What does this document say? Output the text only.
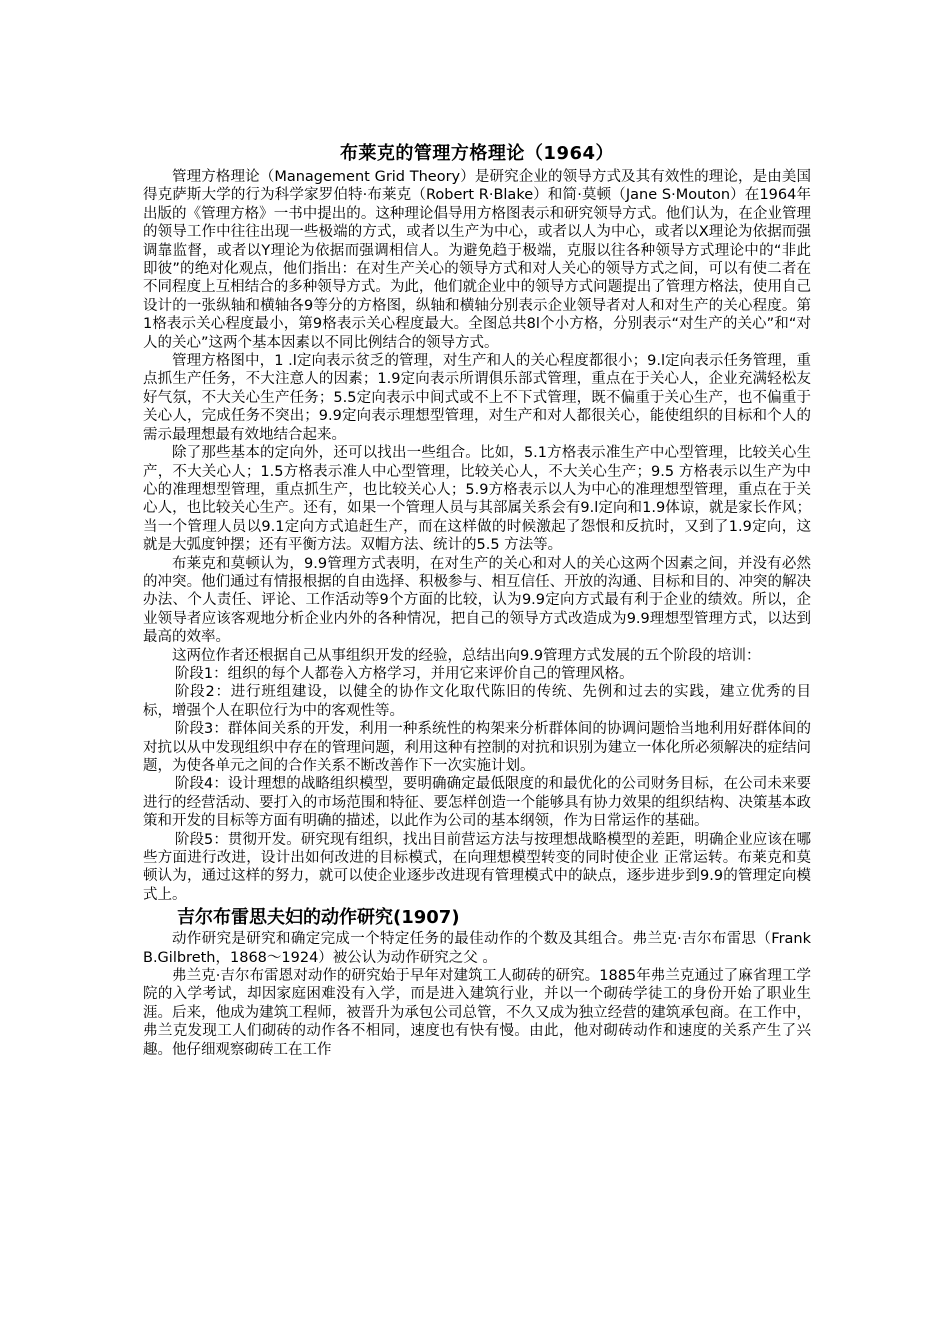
布莱克的管理方格理论（1964）

管理方格理论（Management Grid Theory）是研究企业的领导方式及其有效性的理论，是由美国得克萨斯大学的行为科学家罗伯特·布莱克（Robert R·Blake）和简·莫顿（Jane S·Mouton）在1964年出版的《管理方格》一书中提出的。这种理论倡导用方格图表示和研究领导方式。他们认为，在企业管理的领导工作中往往出现一些极端的方式，或者以生产为中心，或者以人为中心，或者以X理论为依据而强调靠监督，或者以Y理论为依据而强调相信人。为避免趋于极端，克服以往各种领导方式理论中的“非此即彼”的绝对化观点，他们指出：在对生产关心的领导方式和对人关心的领导方式之间，可以有使二者在不同程度上互相结合的多种领导方式。为此，他们就企业中的领导方式问题提出了管理方格法，使用自己设计的一张纵轴和横轴各9等分的方格图，纵轴和横轴分别表示企业领导者对人和对生产的关心程度。第1格表示关心程度最小，第9格表示关心程度最大。全图总共8l个小方格，分别表示“对生产的关心”和“对人的关心”这两个基本因素以不同比例结合的领导方式。

管理方格图中，1 .l定向表示贫乏的管理，对生产和人的关心程度都很小；9.l定向表示任务管理，重点抓生产任务，不大注意人的因素；1.9定向表示所谓俱乐部式管理，重点在于关心人，企业充满轻松友好气氛，不大关心生产任务；5.5定向表示中间式或不上不下式管理，既不偏重于关心生产，也不偏重于关心人，完成任务不突出；9.9定向表示理想型管理，对生产和对人都很关心，能使组织的目标和个人的需示最理想最有效地结合起来。

除了那些基本的定向外，还可以找出一些组合。比如，5.1方格表示准生产中心型管理，比较关心生产，不大关心人；1.5方格表示准人中心型管理，比较关心人，不大关心生产；9.5 方格表示以生产为中心的准理想型管理，重点抓生产，也比较关心人；5.9方格表示以人为中心的准理想型管理，重点在于关心人，也比较关心生产。还有，如果一个管理人员与其部属关系会有9.l定向和1.9体谅，就是家长作风；当一个管理人员以9.1定向方式追赶生产，而在这样做的时候激起了怨恨和反抗时，又到了1.9定向，这就是大弧度钟摆；还有平衡方法。双帽方法、统计的5.5 方法等。

布莱克和莫顿认为，9.9管理方式表明，在对生产的关心和对人的关心这两个因素之间，并没有必然的冲突。他们通过有情报根据的自由选择、积极参与、相互信任、开放的沟通、目标和目的、冲突的解决办法、个人责任、评论、工作活动等9个方面的比较，认为9.9定向方式最有利于企业的绩效。所以，企业领导者应该客观地分析企业内外的各种情况，把自己的领导方式改造成为9.9理想型管理方式，以达到最高的效率。

这两位作者还根据自己从事组织开发的经验，总结出向9.9管理方式发展的五个阶段的培训：

阶段1：组织的每个人都卷入方格学习，并用它来评价自己的管理风格。

阶段2：进行班组建设，以健全的协作文化取代陈旧的传统、先例和过去的实践，建立优秀的目 标，增强个人在职位行为中的客观性等。

阶段3：群体间关系的开发，利用一种系统性的构架来分析群体间的协调问题恰当地利用好群体间的对抗以从中发现组织中存在的管理问题，利用这种有控制的对抗和识别为建立一体化所必须解决的症结问题，为使各单元之间的合作关系不断改善作下一次实施计划。

阶段4：设计理想的战略组织模型，要明确确定最低限度的和最优化的公司财务目标，在公司未来要进行的经营活动、要打入的市场范围和特征、要怎样创造一个能够具有协力效果的组织结构、决策基本政策和开发的目标等方面有明确的描述，以此作为公司的基本纲领，作为日常运作的基础。

阶段5：贯彻开发。研究现有组织，找出目前营运方法与按理想战略模型的差距，明确企业应该在哪些方面进行改进，设计出如何改进的目标模式，在向理想模型转变的同时使企业 正常运转。布莱克和莫顿认为，通过这样的努力，就可以使企业逐步改进现有管理模式中的缺点，逐步进步到9.9的管理定向模式上。

吉尔布雷思夫妇的动作研究(1907)

动作研究是研究和确定完成一个特定任务的最佳动作的个数及其组合。弗兰克·吉尔布雷思（Frank B.Gilbreth，1868～1924）被公认为动作研究之父 。

弗兰克·吉尔布雷恩对动作的研究始于早年对建筑工人砌砖的研究。1885年弗兰克通过了麻省理工学院的入学考试，却因家庭困难没有入学，而是进入建筑行业，并以一个砌砖学徒工的身份开始了职业生涯。后来，他成为建筑工程师，被晋升为承包公司总管，不久又成为独立经营的建筑承包商。在工作中，弗兰克发现工人们砌砖的动作各不相同，速度也有快有慢。由此，他对砌砖动作和速度的关系产生了兴趣。他仔细观察砌砖工在工作
